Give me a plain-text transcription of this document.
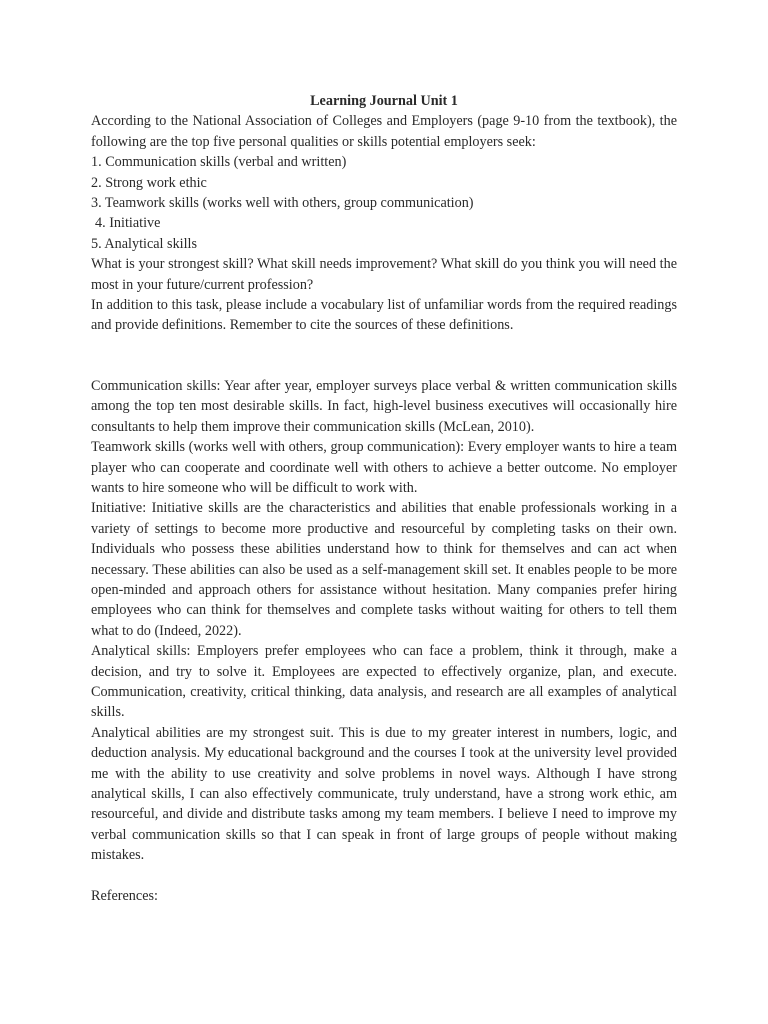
Learning Journal Unit 1

According to the National Association of Colleges and Employers (page 9-10 from the textbook), the following are the top five personal qualities or skills potential employers seek:

1. Communication skills (verbal and written)

2. Strong work ethic

3. Teamwork skills (works well with others, group communication)

4. Initiative

5. Analytical skills

What is your strongest skill? What skill needs improvement? What skill do you think you will need the most in your future/current profession?

In addition to this task, please include a vocabulary list of unfamiliar words from the required readings and provide definitions. Remember to cite the sources of these definitions.

Communication skills: Year after year, employer surveys place verbal & written communication skills among the top ten most desirable skills. In fact, high-level business executives will occasionally hire consultants to help them improve their communication skills (McLean, 2010).

Teamwork skills (works well with others, group communication): Every employer wants to hire a team player who can cooperate and coordinate well with others to achieve a better outcome. No employer wants to hire someone who will be difficult to work with.

Initiative: Initiative skills are the characteristics and abilities that enable professionals working in a variety of settings to become more productive and resourceful by completing tasks on their own. Individuals who possess these abilities understand how to think for themselves and can act when necessary. These abilities can also be used as a self-management skill set. It enables people to be more open-minded and approach others for assistance without hesitation. Many companies prefer hiring employees who can think for themselves and complete tasks without waiting for others to tell them what to do (Indeed, 2022).

Analytical skills: Employers prefer employees who can face a problem, think it through, make a decision, and try to solve it. Employees are expected to effectively organize, plan, and execute. Communication, creativity, critical thinking, data analysis, and research are all examples of analytical skills.

Analytical abilities are my strongest suit. This is due to my greater interest in numbers, logic, and deduction analysis. My educational background and the courses I took at the university level provided me with the ability to use creativity and solve problems in novel ways. Although I have strong analytical skills, I can also effectively communicate, truly understand, have a strong work ethic, am resourceful, and divide and distribute tasks among my team members. I believe I need to improve my verbal communication skills so that I can speak in front of large groups of people without making mistakes.

References:
